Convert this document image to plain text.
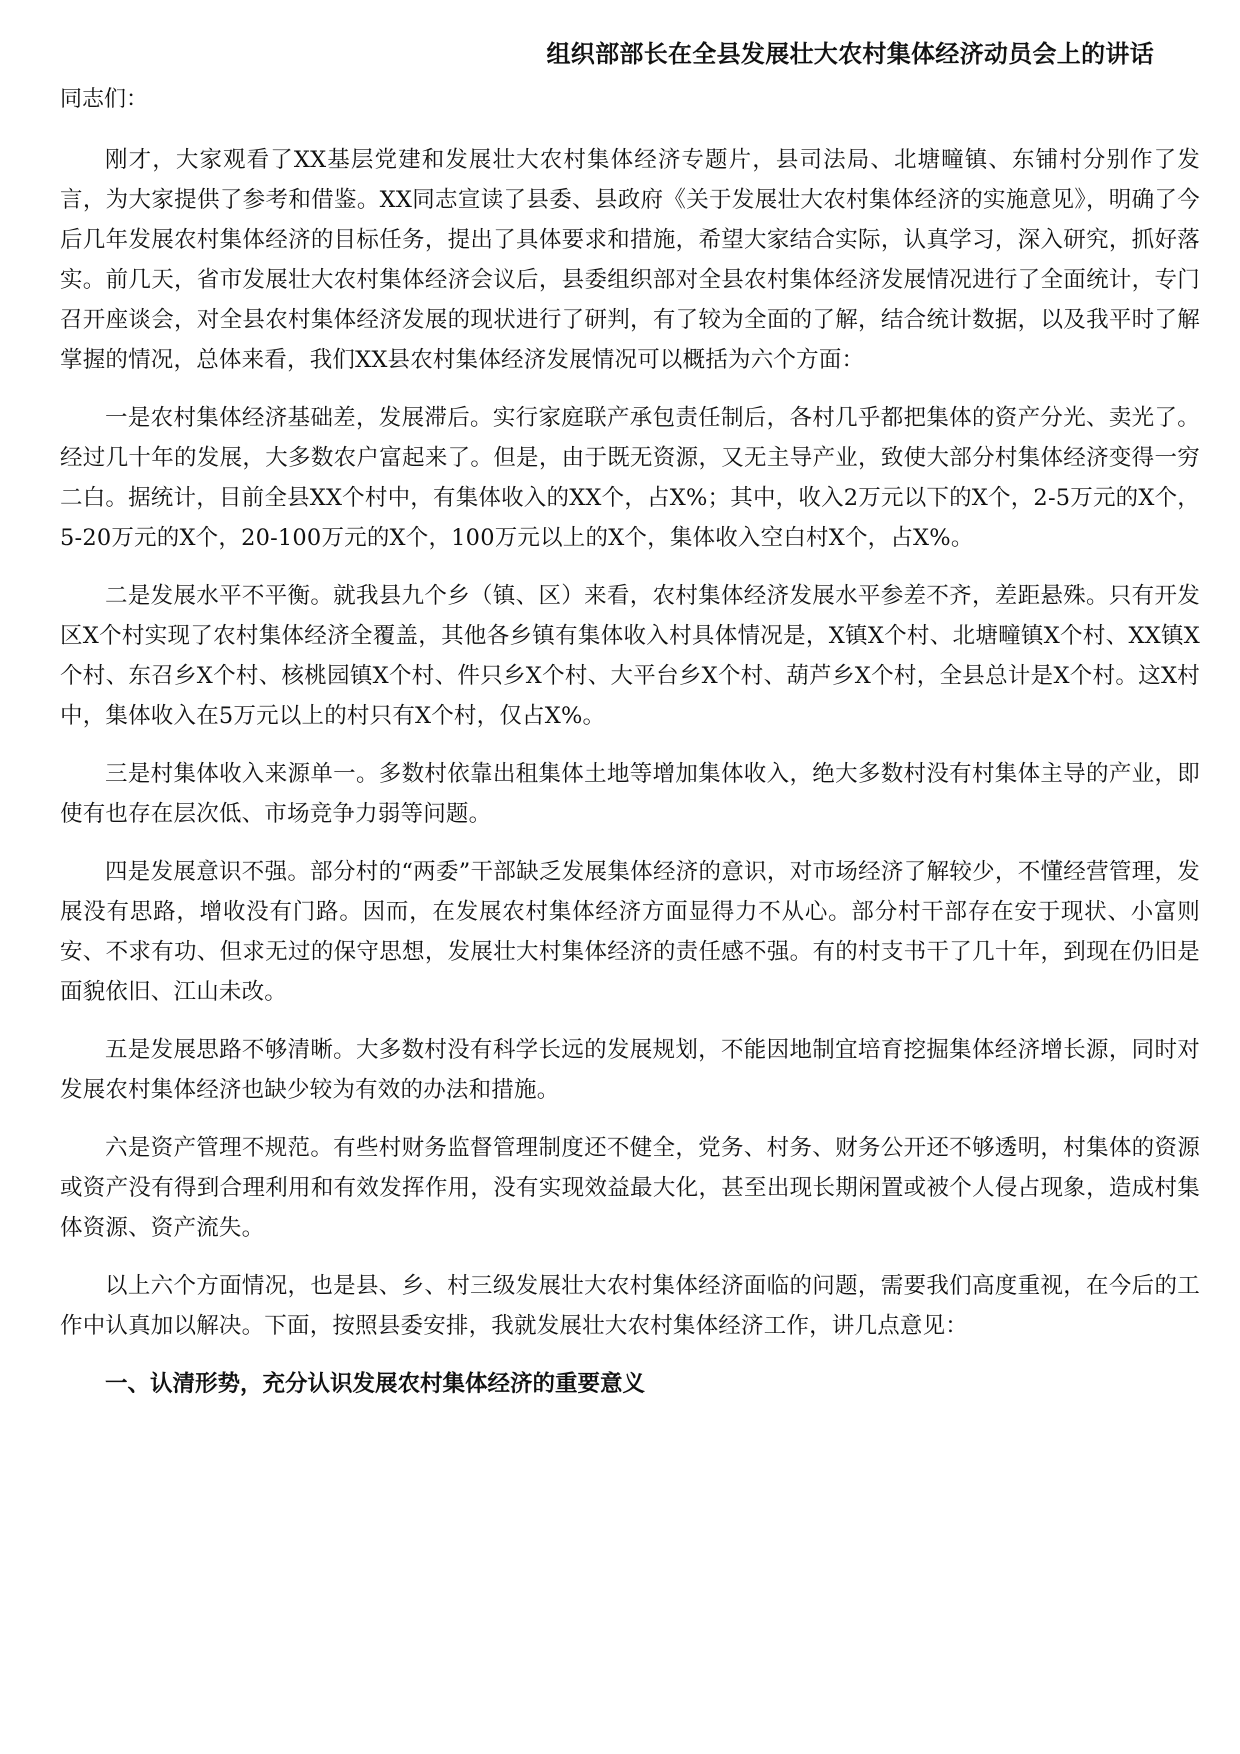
组织部部长在全县发展壮大农村集体经济动员会上的讲话
同志们：

刚才，大家观看了XX基层党建和发展壮大农村集体经济专题片，县司法局、北塘疃镇、东铺村分别作了发言，为大家提供了参考和借鉴。XX同志宣读了县委、县政府《关于发展壮大农村集体经济的实施意见》，明确了今后几年发展农村集体经济的目标任务，提出了具体要求和措施，希望大家结合实际，认真学习，深入研究，抓好落实。前几天，省市发展壮大农村集体经济会议后，县委组织部对全县农村集体经济发展情况进行了全面统计，专门召开座谈会，对全县农村集体经济发展的现状进行了研判，有了较为全面的了解，结合统计数据，以及我平时了解掌握的情况，总体来看，我们XX县农村集体经济发展情况可以概括为六个方面：

一是农村集体经济基础差，发展滞后。实行家庭联产承包责任制后，各村几乎都把集体的资产分光、卖光了。经过几十年的发展，大多数农户富起来了。但是，由于既无资源，又无主导产业，致使大部分村集体经济变得一穷二白。据统计，目前全县XX个村中，有集体收入的XX个，占X%；其中，收入2万元以下的X个，2-5万元的X个，5-20万元的X个，20-100万元的X个，100万元以上的X个，集体收入空白村X个，占X%。

二是发展水平不平衡。就我县九个乡（镇、区）来看，农村集体经济发展水平参差不齐，差距悬殊。只有开发区X个村实现了农村集体经济全覆盖，其他各乡镇有集体收入村具体情况是，X镇X个村、北塘疃镇X个村、XX镇X个村、东召乡X个村、核桃园镇X个村、件只乡X个村、大平台乡X个村、葫芦乡X个村，全县总计是X个村。这X村中，集体收入在5万元以上的村只有X个村，仅占X%。

三是村集体收入来源单一。多数村依靠出租集体土地等增加集体收入，绝大多数村没有村集体主导的产业，即使有也存在层次低、市场竞争力弱等问题。

四是发展意识不强。部分村的“两委”干部缺乏发展集体经济的意识，对市场经济了解较少，不懂经营管理，发展没有思路，增收没有门路。因而，在发展农村集体经济方面显得力不从心。部分村干部存在安于现状、小富则安、不求有功、但求无过的保守思想，发展壮大村集体经济的责任感不强。有的村支书干了几十年，到现在仍旧是面貌依旧、江山未改。

五是发展思路不够清晰。大多数村没有科学长远的发展规划，不能因地制宜培育挖掘集体经济增长源，同时对发展农村集体经济也缺少较为有效的办法和措施。

六是资产管理不规范。有些村财务监督管理制度还不健全，党务、村务、财务公开还不够透明，村集体的资源或资产没有得到合理利用和有效发挥作用，没有实现效益最大化，甚至出现长期闲置或被个人侵占现象，造成村集体资源、资产流失。

以上六个方面情况，也是县、乡、村三级发展壮大农村集体经济面临的问题，需要我们高度重视，在今后的工作中认真加以解决。下面，按照县委安排，我就发展壮大农村集体经济工作，讲几点意见：

一、认清形势，充分认识发展农村集体经济的重要意义
